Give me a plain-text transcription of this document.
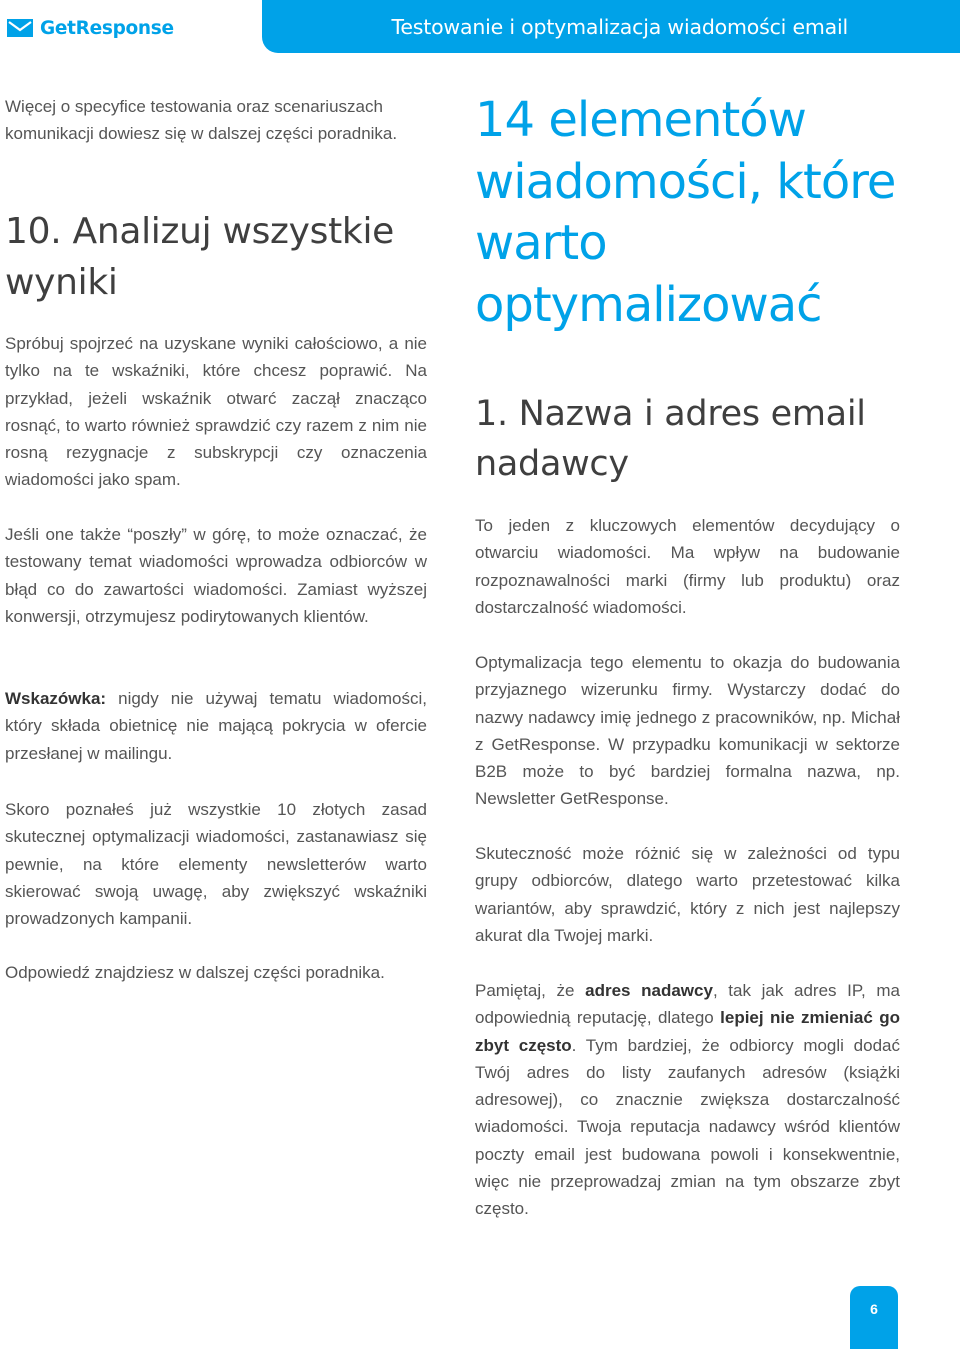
GetResponse	Testowanie i optymalizacja wiadomości email

Więcej o specyfice testowania oraz scenariuszach komunikacji dowiesz się w dalszej części poradnika.

10. Analizuj wszystkie wyniki

Spróbuj spojrzeć na uzyskane wyniki całościowo, a nie tylko na te wskaźniki, które chcesz poprawić. Na przykład, jeżeli wskaźnik otwarć zaczął znacząco rosnąć, to warto również sprawdzić czy razem z nim nie rosną rezygnacje z subskrypcji czy oznaczenia wiadomości jako spam.

Jeśli one także “poszły” w górę, to może oznaczać, że testowany temat wiadomości wprowadza odbiorców w błąd co do zawartości wiadomości. Zamiast wyższej konwersji, otrzymujesz podirytowanych klientów.

Wskazówka: nigdy nie używaj tematu wiadomości, który składa obietnicę nie mającą pokrycia w ofercie przesłanej w mailingu.

Skoro poznałeś już wszystkie 10 złotych zasad skutecznej optymalizacji wiadomości, zastanawiasz się pewnie, na które elementy newsletterów warto skierować swoją uwagę, aby zwiększyć wskaźniki prowadzonych kampanii.

Odpowiedź znajdziesz w dalszej części poradnika.

14 elementów wiadomości, które warto optymalizować
1. Nazwa i adres email nadawcy

To jeden z kluczowych elementów decydujący o otwarciu wiadomości. Ma wpływ na budowanie rozpoznawalności marki (firmy lub produktu) oraz dostarczalność wiadomości.

Optymalizacja tego elementu to okazja do budowania przyjaznego wizerunku firmy. Wystarczy dodać do nazwy nadawcy imię jednego z pracowników, np. Michał z GetResponse. W przypadku komunikacji w sektorze B2B może to być bardziej formalna nazwa, np. Newsletter GetResponse.

Skuteczność może różnić się w zależności od typu grupy odbiorców, dlatego warto przetestować kilka wariantów, aby sprawdzić, który z nich jest najlepszy akurat dla Twojej marki.

Pamiętaj, że adres nadawcy, tak jak adres IP, ma odpowiednią reputację, dlatego lepiej nie zmieniać go zbyt często. Tym bardziej, że odbiorcy mogli dodać Twój adres do listy zaufanych adresów (książki adresowej), co znacznie zwiększa dostarczalność wiadomości. Twoja reputacja nadawcy wśród klientów poczty email jest budowana powoli i konsekwentnie, więc nie przeprowadzaj zmian na tym obszarze zbyt często.

6
